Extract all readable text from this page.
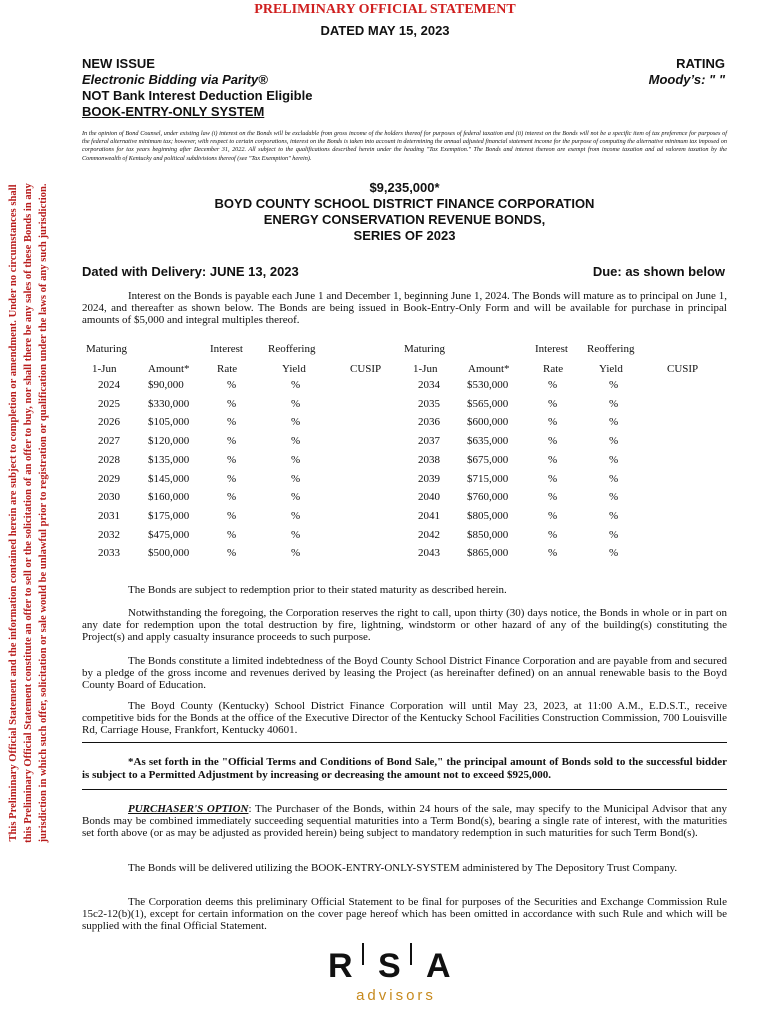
This Preliminary Official Statement and the information contained herein are subject to completion or amendment. Under no circumstances shall this Preliminary Official Statement constitute an offer to sell or the solicitation of an offer to buy, nor shall there be any sales of these Bonds in any jurisdiction in which such offer, solicitation or sale would be unlawful prior to registration or qualification under the laws of any such jurisdiction.
PRELIMINARY OFFICIAL STATEMENT
DATED MAY 15, 2023
NEW ISSUE
Electronic Bidding via Parity®
NOT Bank Interest Deduction Eligible
BOOK-ENTRY-ONLY SYSTEM
RATING
Moody’s: " "
In the opinion of Bond Counsel, under existing law (i) interest on the Bonds will be excludable from gross income of the holders thereof for purposes of federal taxation and (ii) interest on the Bonds will not be a specific item of tax preference for purposes of the federal alternative minimum tax; however, with respect to certain corporations, interest on the Bonds is taken into account in determining the annual adjusted financial statement income for the purpose of computing the alternative minimum tax imposed on corporations for tax years beginning after December 31, 2022. All subject to the qualifications described herein under the heading "Tax Exemption." The Bonds and interest thereon are exempt from income taxation and ad valorem taxation by the Commonwealth of Kentucky and political subdivisions thereof (see "Tax Exemption" herein).
$9,235,000*
BOYD COUNTY SCHOOL DISTRICT FINANCE CORPORATION
ENERGY CONSERVATION REVENUE BONDS,
SERIES OF 2023
Dated with Delivery: JUNE 13, 2023	Due: as shown below
Interest on the Bonds is payable each June 1 and December 1, beginning June 1, 2024. The Bonds will mature as to principal on June 1, 2024, and thereafter as shown below. The Bonds are being issued in Book-Entry-Only Form and will be available for purchase in principal amounts of $5,000 and integral multiples thereof.
Maturing
1-Jun	Amount*
Interest
Rate
Reoffering
Yield	CUSIP
Maturing
1-Jun	Amount*
Interest
Rate
Reoffering
Yield	CUSIP
2024	$90,000	%	%
2025	$330,000	%	%
2026	$105,000	%	%
2027	$120,000	%	%
2028	$135,000	%	%
2029	$145,000	%	%
2030	$160,000	%	%
2031	$175,000	%	%
2032	$475,000	%	%
2033	$500,000	%	%
2034 $530,000	%	%
2035 $565,000	%	%
2036 $600,000	%	%
2037 $635,000	%	%
2038 $675,000	%	%
2039 $715,000	%	%
2040 $760,000	%	%
2041 $805,000	%	%
2042 $850,000	%	%
2043 $865,000	%	%
The Bonds are subject to redemption prior to their stated maturity as described herein.
Notwithstanding the foregoing, the Corporation reserves the right to call, upon thirty (30) days notice, the Bonds in whole or in part on any date for redemption upon the total destruction by fire, lightning, windstorm or other hazard of any of the building(s) constituting the Project(s) and apply casualty insurance proceeds to such purpose.
The Bonds constitute a limited indebtedness of the Boyd County School District Finance Corporation and are payable from and secured by a pledge of the gross income and revenues derived by leasing the Project (as hereinafter defined) on an annual renewable basis to the Boyd County Board of Education.
The Boyd County (Kentucky) School District Finance Corporation will until May 23, 2023, at 11:00 A.M., E.D.S.T., receive competitive bids for the Bonds at the office of the Executive Director of the Kentucky School Facilities Construction Commission, 700 Louisville Rd, Carriage House, Frankfort, Kentucky 40601.
*As set forth in the "Official Terms and Conditions of Bond Sale," the principal amount of Bonds sold to the successful bidder is subject to a Permitted Adjustment by increasing or decreasing the amount not to exceed $925,000.
PURCHASER'S OPTION: The Purchaser of the Bonds, within 24 hours of the sale, may specify to the Municipal Advisor that any Bonds may be combined immediately succeeding sequential maturities into a Term Bond(s), bearing a single rate of interest, with the maturities set forth above (or as may be adjusted as provided herein) being subject to mandatory redemption in such maturities for such Term Bond(s).
The Bonds will be delivered utilizing the BOOK-ENTRY-ONLY-SYSTEM administered by The Depository Trust Company.
The Corporation deems this preliminary Official Statement to be final for purposes of the Securities and Exchange Commission Rule 15c2-12(b)(1), except for certain information on the cover page hereof which has been omitted in accordance with such Rule and which will be supplied with the final Official Statement.
R S A
advisors
